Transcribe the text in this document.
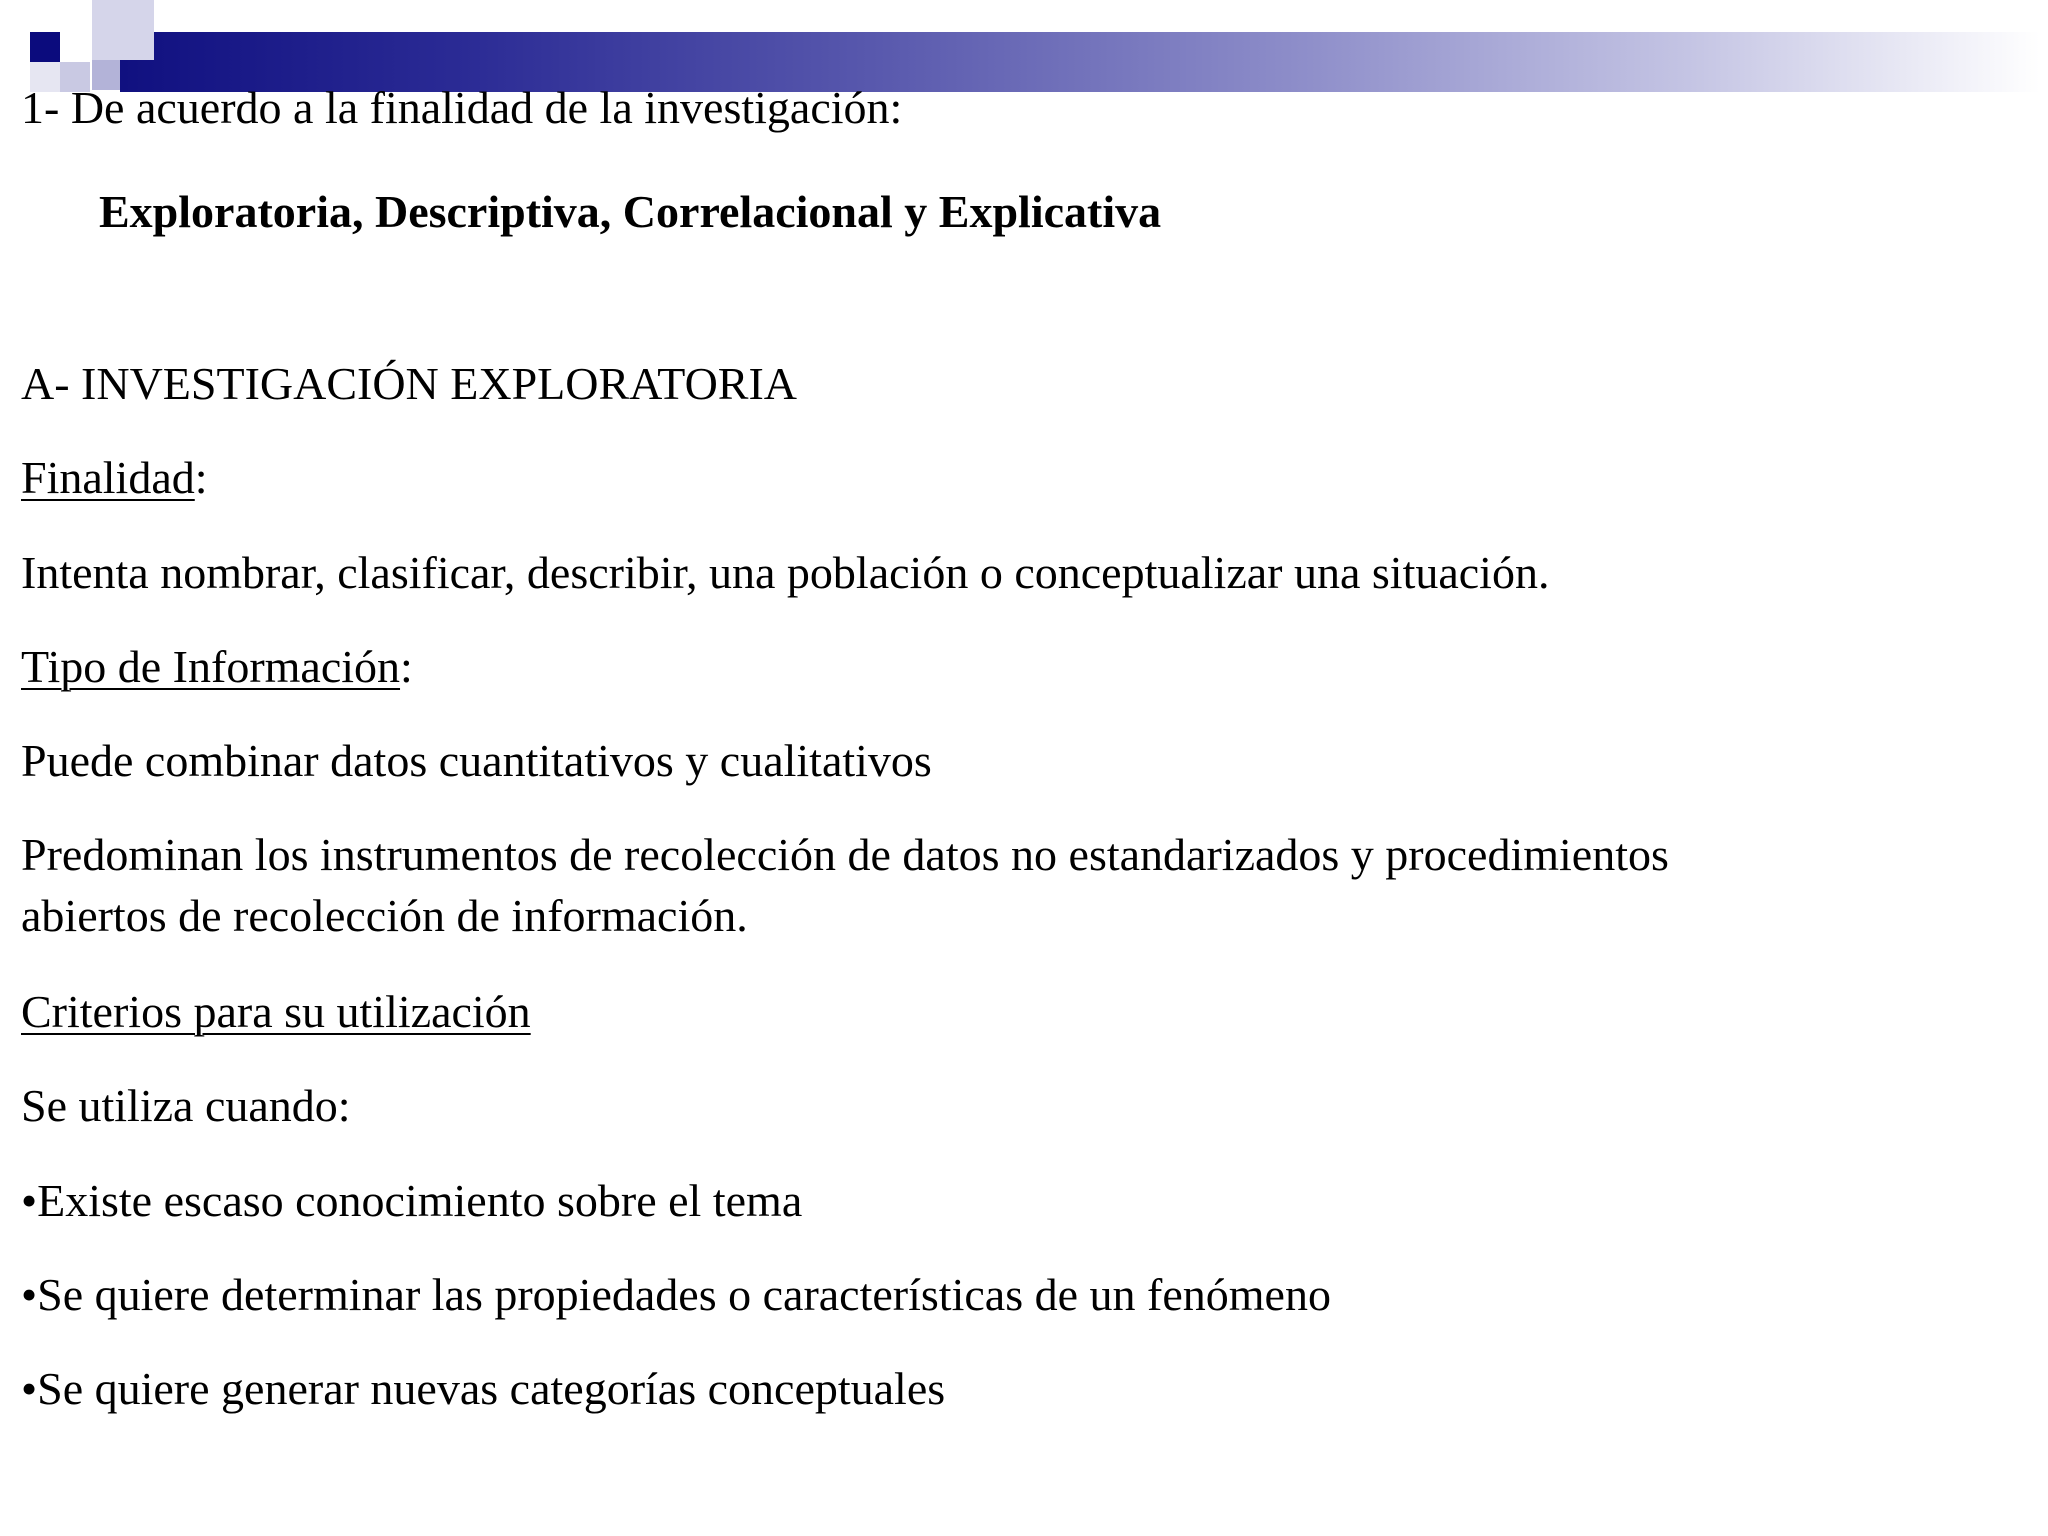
1- De acuerdo a la finalidad de la investigación:
Exploratoria, Descriptiva, Correlacional y Explicativa
A- INVESTIGACIÓN EXPLORATORIA
Finalidad:
Intenta nombrar, clasificar, describir, una población o conceptualizar una situación.
Tipo de Información:
Puede combinar datos cuantitativos y cualitativos
Predominan los instrumentos de recolección de datos no estandarizados y procedimientos
abiertos de recolección de información.
Criterios para su utilización
Se utiliza cuando:
•Existe escaso conocimiento sobre el tema
•Se quiere determinar las propiedades o características de un fenómeno
•Se quiere generar nuevas categorías conceptuales
